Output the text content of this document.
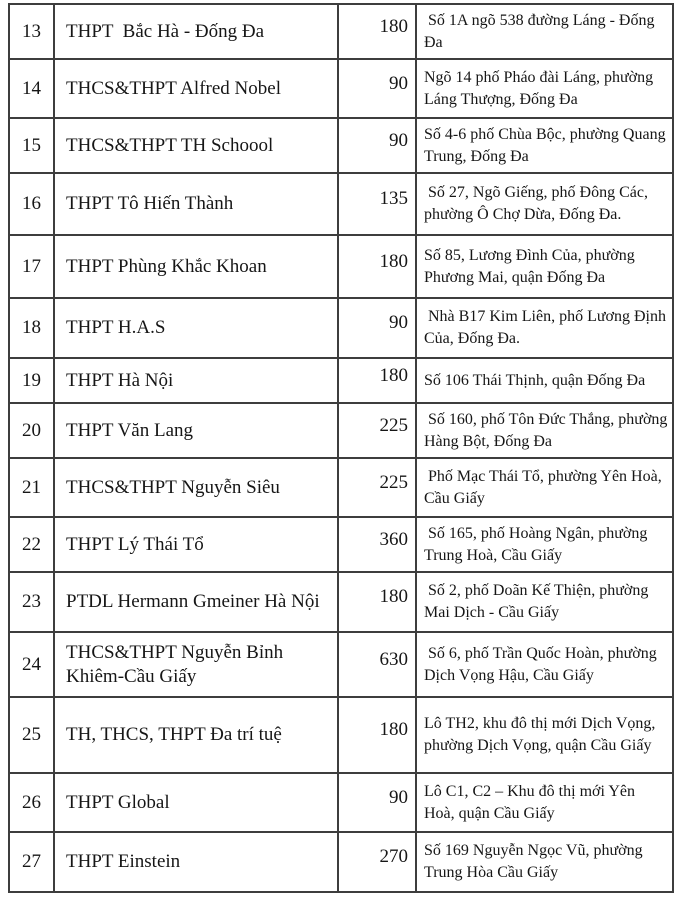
13	THPT  Bắc Hà - Đống Đa	180	Số 1A ngõ 538 đường Láng - Đống Đa
14	THCS&THPT Alfred Nobel	90	Ngõ 14 phố Pháo đài Láng, phường Láng Thượng, Đống Đa
15	THCS&THPT TH Schoool	90	Số 4-6 phố Chùa Bộc, phường Quang Trung, Đống Đa
16	THPT Tô Hiến Thành	135	Số 27, Ngõ Giếng, phố Đông Các, phường Ô Chợ Dừa, Đống Đa.
17	THPT Phùng Khắc Khoan	180	Số 85, Lương Đình Của, phường Phương Mai, quận Đống Đa
18	THPT H.A.S	90	Nhà B17 Kim Liên, phố Lương Định Của, Đống Đa.
19	THPT Hà Nội	180	Số 106 Thái Thịnh, quận Đống Đa
20	THPT Văn Lang	225	Số 160, phố Tôn Đức Thắng, phường Hàng Bột, Đống Đa
21	THCS&THPT Nguyễn Siêu	225	Phố Mạc Thái Tổ, phường Yên Hoà, Cầu Giấy
22	THPT Lý Thái Tổ	360	Số 165, phố Hoàng Ngân, phường Trung Hoà, Cầu Giấy
23	PTDL Hermann Gmeiner Hà Nội	180	Số 2, phố Doãn Kế Thiện, phường Mai Dịch - Cầu Giấy
24	THCS&THPT Nguyễn Bỉnh Khiêm-Cầu Giấy	630	Số 6, phố Trần Quốc Hoàn, phường Dịch Vọng Hậu, Cầu Giấy
25	TH, THCS, THPT Đa trí tuệ	180	Lô TH2, khu đô thị mới Dịch Vọng, phường Dịch Vọng, quận Cầu Giấy
26	THPT Global	90	Lô C1, C2 – Khu đô thị mới Yên Hoà, quận Cầu Giấy
27	THPT Einstein	270	Số 169 Nguyễn Ngọc Vũ, phường Trung Hòa Cầu Giấy
